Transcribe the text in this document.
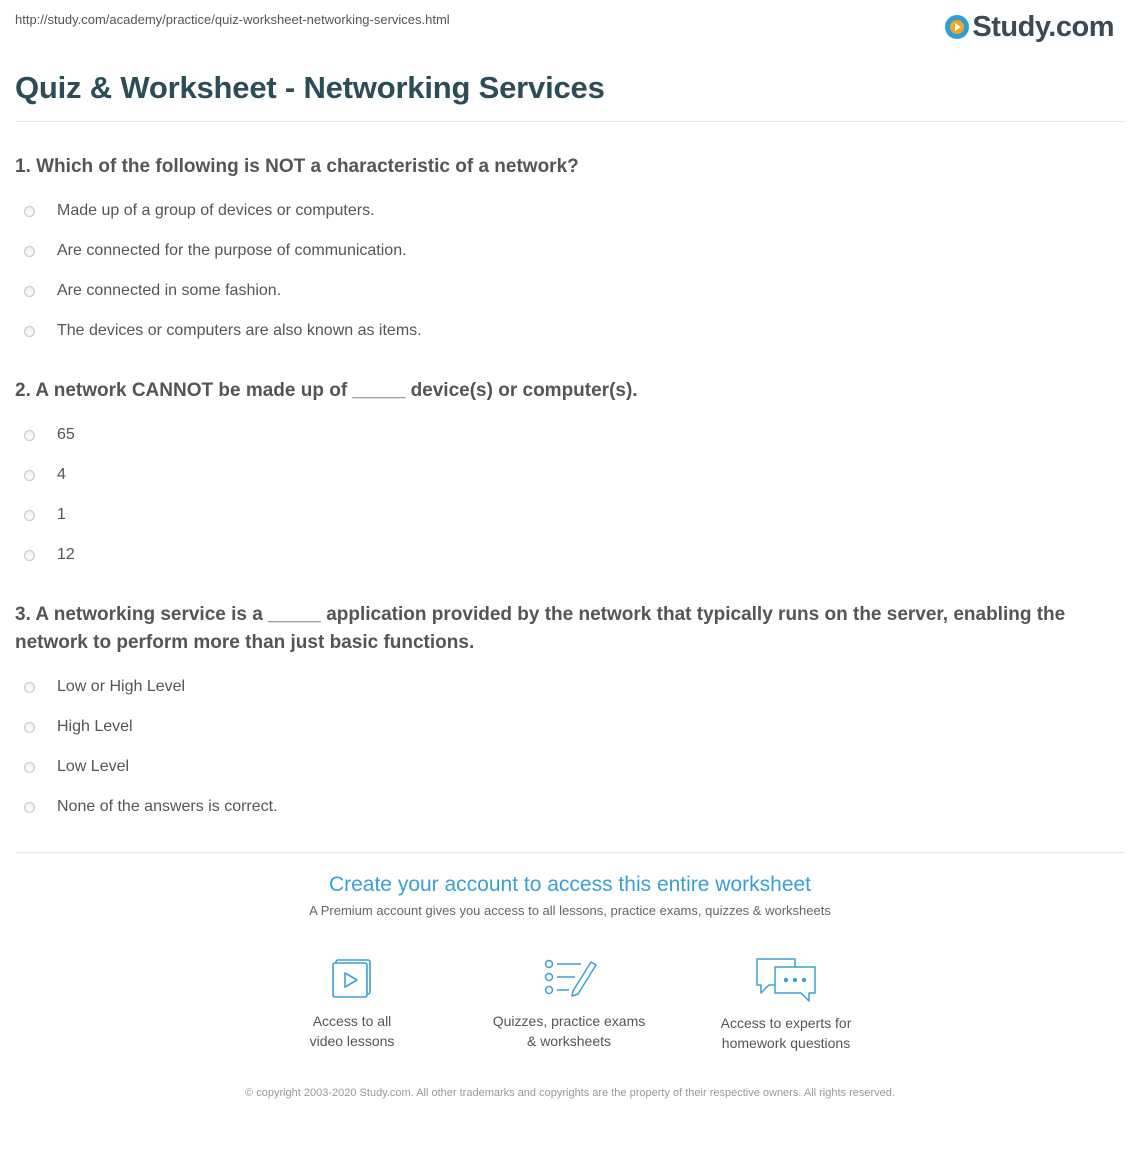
http://study.com/academy/practice/quiz-worksheet-networking-services.html	Study.com
Quiz & Worksheet - Networking Services
1. Which of the following is NOT a characteristic of a network?
Made up of a group of devices or computers.
Are connected for the purpose of communication.
Are connected in some fashion.
The devices or computers are also known as items.
2. A network CANNOT be made up of _____ device(s) or computer(s).
65
4
1
12
3. A networking service is a _____ application provided by the network that typically runs on the server, enabling the network to perform more than just basic functions.
Low or High Level
High Level
Low Level
None of the answers is correct.
Create your account to access this entire worksheet
A Premium account gives you access to all lessons, practice exams, quizzes & worksheets
Access to all
video lessons
Quizzes, practice exams
& worksheets
Access to experts for
homework questions
© copyright 2003-2020 Study.com. All other trademarks and copyrights are the property of their respective owners. All rights reserved.
